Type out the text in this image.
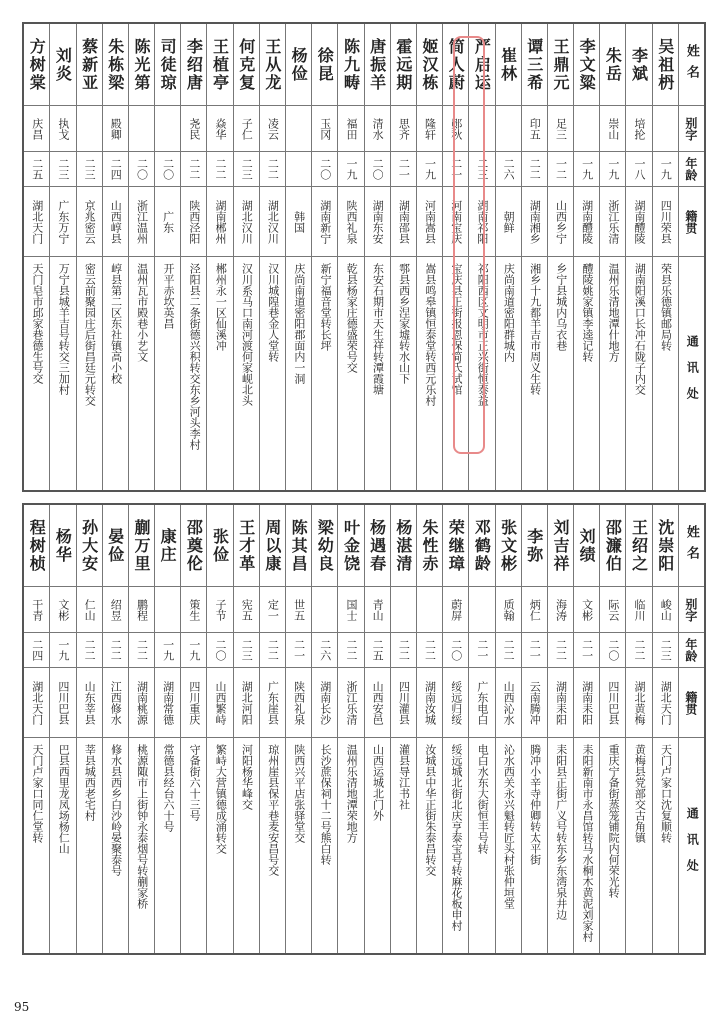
姓名
别字
年龄
籍贯
通讯处
吴祖枬
一九
四川荣县
荣县乐德镇邮局转
李斌
培抡
一八
湖南醴陵
湖南阳溪口长冲石陇子内交
朱岳
崇山
一九
浙江乐清
温州乐清地潭什地方
李文粱
一九
湖南醴陵
醴陵姚家镇李逵记转
王鼎元
足三
一二
山西乡宁
乡宁县城内乌衣巷
谭三希
印五
二二
湖南湘乡
湘乡十九都羊吉市周义生转
崔林
二六
朝鲜
庆尚南道密阳群城内
严启运
二三
湖南祁阳
祁阳西区文明市正兴街恒泰益
简人蔚
郧秋
二一
河南宝庆
宝庆县正街报恩保简氏试馆
姬汉栋
隆轩
一九
河南嵩县
嵩县鸣皋镇恒泰堂转西元乐村
霍远期
思齐
二一
湖南邵县
鄠县西乡涅家墟转水山下
唐振羊
清水
二〇
湖南东安
东安石期市天生祥转潭霞塘
陈九畴
福田
一九
陕西礼泉
乾县杨家庄德盛荣号交
徐昆
玉冈
二〇
湖南新宁
新宁福音堂转长坪
杨俭
韩国
庆尚南道密阳郡面内一洞
王从龙
凌云
二二
湖北汉川
汉川城隍巷金人堂转
何克复
子仁
二三
湖北汉川
汉川系马口南河渡何家岘北头
王植亭
焱华
二二
湖南郴州
郴州永一区仙溪冲
李绍唐
尧民
二二
陕西泾阳
泾阳县二条街德兴积转交东乡河头李村
司徒琼
二〇
广东
开平赤坎英昌
陈光第
二〇
浙江温州
温州瓦市殿巷小艺文
朱栋梁
殿卿
二四
山西崞县
崞县第二区东社镇高小校
蔡新亚
二三
京兆密云
密云前聚园庄后街昌廷元转交
刘炎
执戈
二三
广东万宁
万宁县城羊吉号转交三加村
方树棠
庆昌
二五
湖北天门
天门皂市邱家巷德生号交
姓名
别字
年龄
籍贯
通讯处
沈崇阳
峻山
二三
湖北天门
天门卢家口沈复顺转
王绍之
临川
二二
湖北黄梅
黄梅县党部交古角镇
邵濂伯
际云
二〇
四川巴县
重庆宁备街蒸笼铺院内何荣光转
刘绩
文彬
二一
湖南耒阳
耒阳新南市永昌馆转马水桐木黄泥刘家村
刘吉祥
海涛
二二
湖南耒阳
耒阳县正街广义号转东乡东湾泉井边
李弥
炳仁
二一
云南腾冲
腾冲小辛寺仲卿转太平街
张文彬
质翰
二二
山西沁水
沁水西关永兴魁转匠头村张仲垣堂
邓鹤龄
二一
广东电白
电白水东大街恒丰号转
荣继璋
蔚屏
二〇
绥远归绥
绥远城北街北庆亨泰宝号转麻花板申村
朱性赤
二二
湖南汝城
汝城县中华正街朱泰昌转交
杨湛清
二二
四川灌县
灌县导江书社
杨遇春
青山
二五
山西安邑
山西运城北门外
叶金饶
国士
二二
浙江乐清
温州乐清地潭荣地方
梁幼良
二六
湖南长沙
长沙蔗保祠十二号熊白转
陈其昌
世五
二一
陕西礼泉
陕西兴平店张驿堂交
周以康
定一
二二
广东崖县
琼州崖县保平巷麦安昌号交
王才革
宪五
二三
湖北河阳
河阳杨华峰交
张俭
子节
二〇
山西繁峙
繁峙大营镇德成涌转交
邵奠伦
策生
一九
四川重庆
守备街六十三号
康庄
一九
湖南常德
常德县经台六十号
蒯万里
鹏程
二二
湖南桃源
桃源陬市上街钟永泰烟号转蒯家桥
晏俭
绍昱
二二
江西修水
修水县西乡白沙岭晏聚泰号
孙大安
仁山
二二
山东莘县
莘县城西老宅村
杨华
文彬
一九
四川巴县
巴县西里龙凤场杨仁山
程树桢
干青
二四
湖北天门
天门卢家口同仁堂转
95
